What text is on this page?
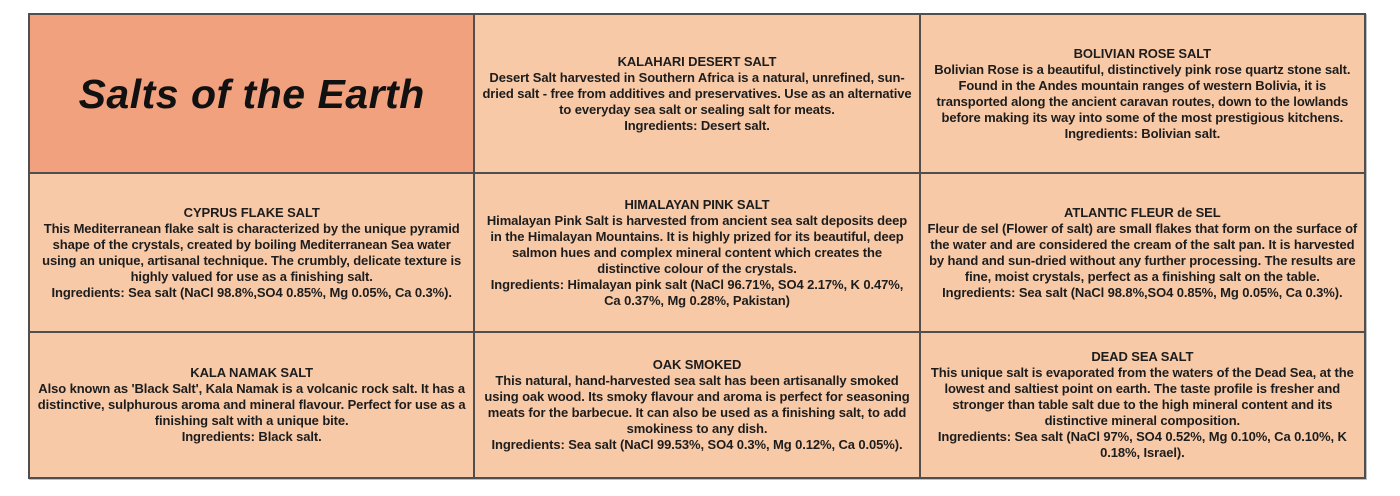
Salts of the Earth
KALAHARI DESERT SALT
Desert Salt harvested in Southern Africa is a natural, unrefined, sun-dried salt - free from additives and preservatives. Use as an alternative to everyday sea salt or sealing salt for meats.
Ingredients: Desert salt.
BOLIVIAN ROSE SALT
Bolivian Rose is a beautiful, distinctively pink rose quartz stone salt. Found in the Andes mountain ranges of western Bolivia, it is transported along the ancient caravan routes, down to the lowlands before making its way into some of the most prestigious kitchens.
Ingredients: Bolivian salt.
CYPRUS FLAKE SALT
This Mediterranean flake salt is characterized by the unique pyramid shape of the crystals, created by boiling Mediterranean Sea water using an unique, artisanal technique. The crumbly, delicate texture is highly valued for use as a finishing salt.
Ingredients: Sea salt (NaCl 98.8%,SO4 0.85%, Mg 0.05%, Ca 0.3%).
HIMALAYAN PINK SALT
Himalayan Pink Salt is harvested from ancient sea salt deposits deep in the Himalayan Mountains. It is highly prized for its beautiful, deep salmon hues and complex mineral content which creates the distinctive colour of the crystals.
Ingredients: Himalayan pink salt (NaCl 96.71%, SO4 2.17%, K 0.47%, Ca 0.37%, Mg 0.28%, Pakistan)
ATLANTIC FLEUR de SEL
Fleur de sel (Flower of salt) are small flakes that form on the surface of the water and are considered the cream of the salt pan. It is harvested by hand and sun-dried without any further processing. The results are fine, moist crystals, perfect as a finishing salt on the table.
Ingredients: Sea salt (NaCl 98.8%,SO4 0.85%, Mg 0.05%, Ca 0.3%).
KALA NAMAK SALT
Also known as 'Black Salt', Kala Namak is a volcanic rock salt. It has a distinctive, sulphurous aroma and mineral flavour. Perfect for use as a finishing salt with a unique bite.
Ingredients: Black salt.
OAK SMOKED
This natural, hand-harvested sea salt has been artisanally smoked using oak wood. Its smoky flavour and aroma is perfect for seasoning meats for the barbecue. It can also be used as a finishing salt, to add smokiness to any dish.
Ingredients: Sea salt (NaCl 99.53%, SO4 0.3%, Mg 0.12%, Ca 0.05%).
DEAD SEA SALT
This unique salt is evaporated from the waters of the Dead Sea, at the lowest and saltiest point on earth. The taste profile is fresher and stronger than table salt due to the high mineral content and its distinctive mineral composition.
Ingredients: Sea salt (NaCl 97%, SO4 0.52%, Mg 0.10%, Ca 0.10%, K 0.18%, Israel).
